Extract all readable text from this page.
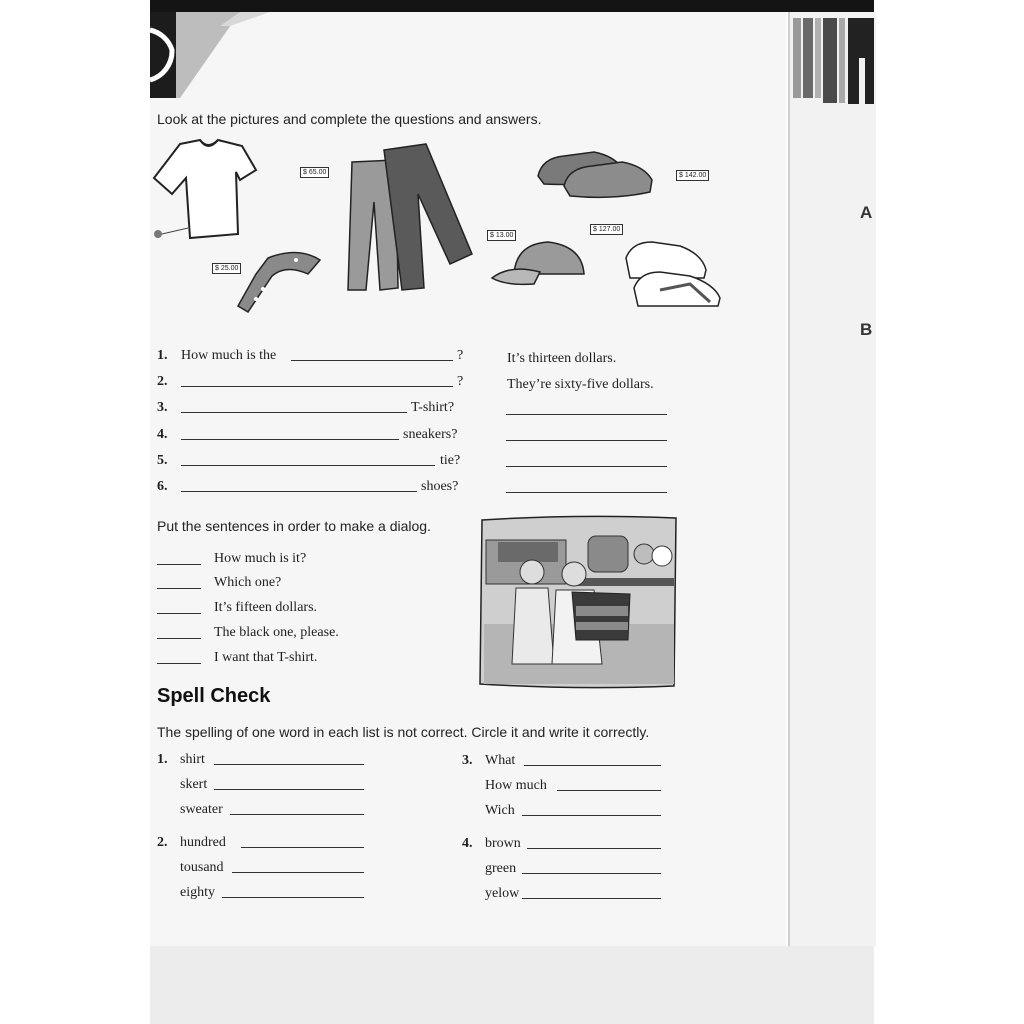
A
B
Look at the pictures and complete the questions and answers.
$ 25.00
$ 65.00	$ 142.00
$ 13.00
$ 127.00
1. How much is the	?	It’s thirteen dollars.
2.	?	They’re sixty-five dollars.
3.	T-shirt?
4.	sneakers?
5.	tie?
6.	shoes?
Put the sentences in order to make a dialog.
How much is it?
Which one?
It’s fifteen dollars.
The black one, please.
I want that T-shirt.
Spell Check
The spelling of one word in each list is not correct. Circle it and write it correctly.
1. shirt
skert
sweater
2. hundred
tousand
eighty
3. What
How much
Wich
4. brown
green
yelow
